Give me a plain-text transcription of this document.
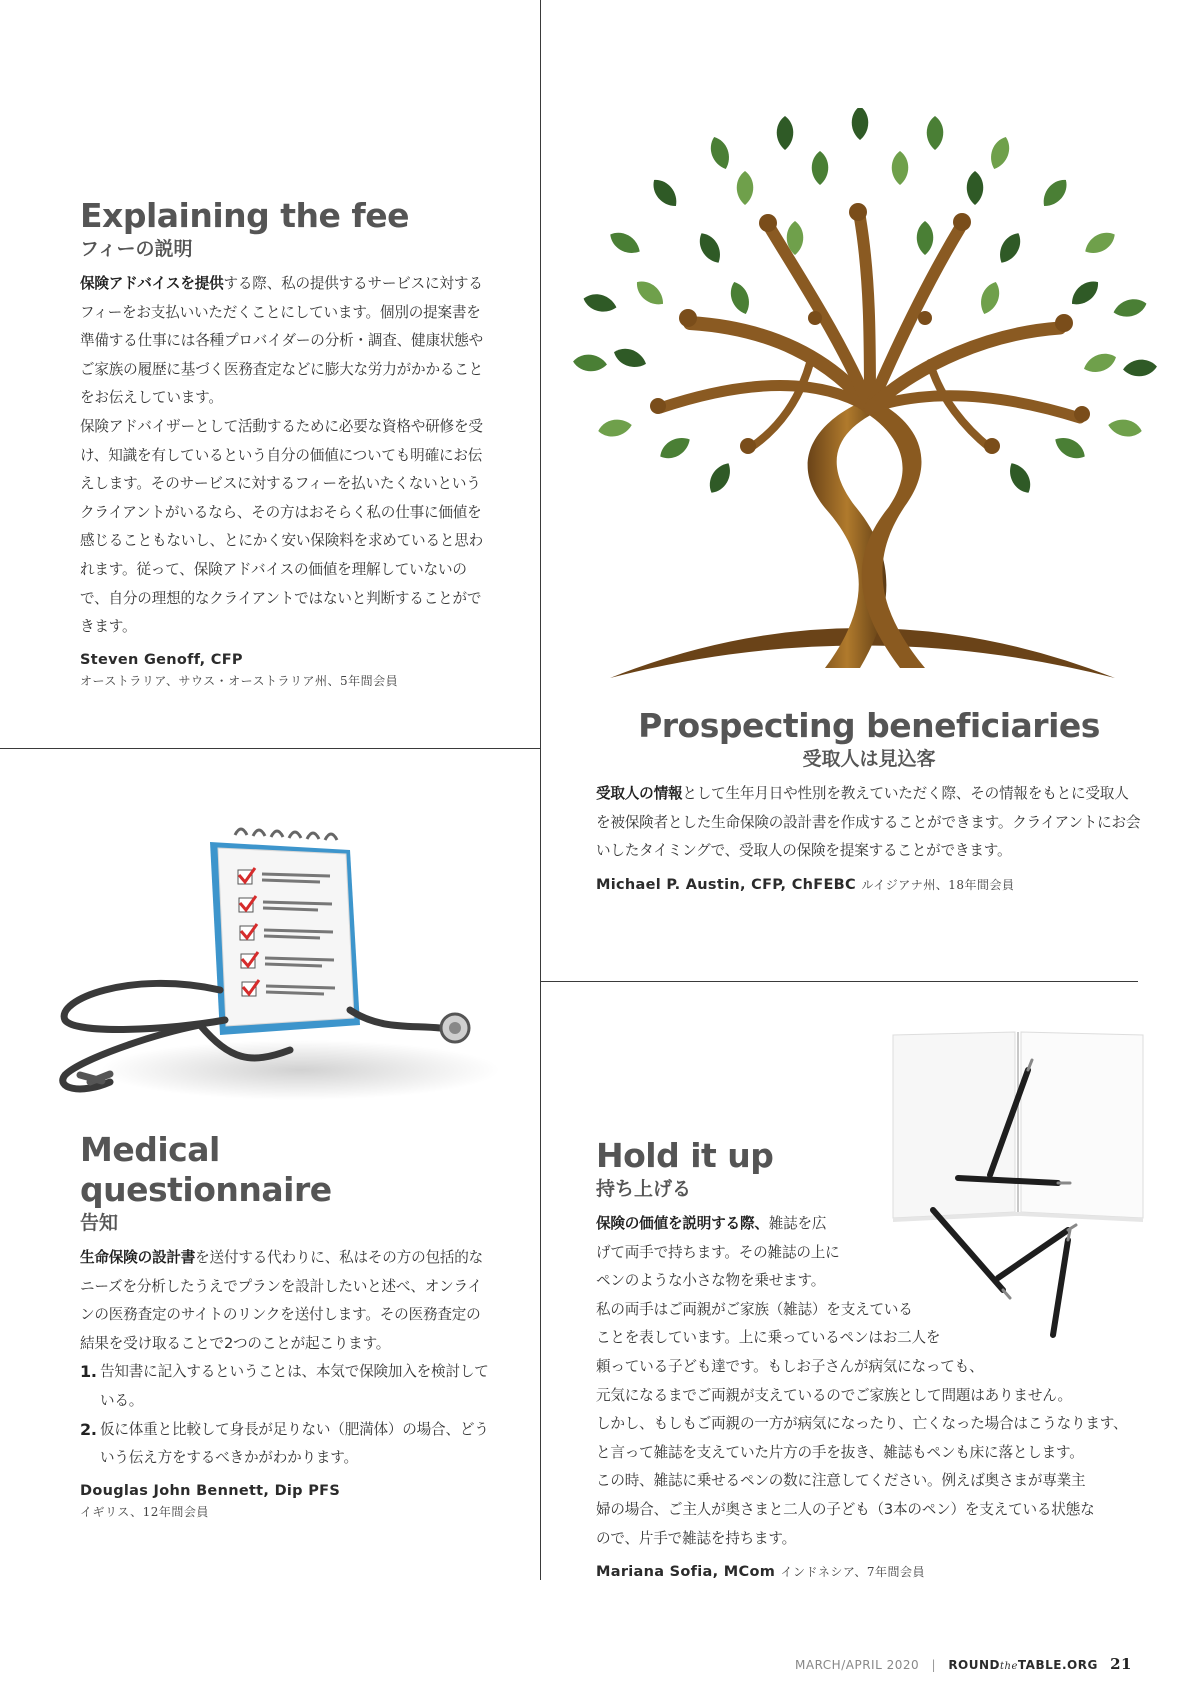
Explaining the fee
フィーの説明

保険アドバイスを提供する際、私の提供するサービスに対するフィーをお支払いいただくことにしています。個別の提案書を準備する仕事には各種プロバイダーの分析・調査、健康状態やご家族の履歴に基づく医務査定などに膨大な労力がかかることをお伝えしています。

保険アドバイザーとして活動するために必要な資格や研修を受け、知識を有しているという自分の価値についても明確にお伝えします。そのサービスに対するフィーを払いたくないというクライアントがいるなら、その方はおそらく私の仕事に価値を感じることもないし、とにかく安い保険料を求めていると思われます。従って、保険アドバイスの価値を理解していないので、自分の理想的なクライアントではないと判断することができます。

Steven Genoff, CFP
オーストラリア、サウス・オーストラリア州、5年間会員
Prospecting beneficiaries
受取人は見込客

受取人の情報として生年月日や性別を教えていただく際、その情報をもとに受取人を被保険者とした生命保険の設計書を作成することができます。クライアントにお会いしたタイミングで、受取人の保険を提案することができます。

Michael P. Austin, CFP, ChFEBC ルイジアナ州、18年間会員
Medical
questionnaire
告知

生命保険の設計書を送付する代わりに、私はその方の包括的なニーズを分析したうえでプランを設計したいと述べ、オンラインの医務査定のサイトのリンクを送付します。その医務査定の結果を受け取ることで2つのことが起こります。

1. 告知書に記入するということは、本気で保険加入を検討している。
2. 仮に体重と比較して身長が足りない（肥満体）の場合、どういう伝え方をするべきかがわかります。
Douglas John Bennett, Dip PFS
イギリス、12年間会員
Hold it up
持ち上げる
保険の価値を説明する際、雑誌を広
げて両手で持ちます。その雑誌の上に
ペンのような小さな物を乗せます。
私の両手はご両親がご家族（雑誌）を支えている
ことを表しています。上に乗っているペンはお二人を
頼っている子ども達です。もしお子さんが病気になっても、
元気になるまでご両親が支えているのでご家族として問題はありません。
しかし、もしもご両親の一方が病気になったり、亡くなった場合はこうなります、
と言って雑誌を支えていた片方の手を抜き、雑誌もペンも床に落とします。
この時、雑誌に乗せるペンの数に注意してください。例えば奥さまが専業主
婦の場合、ご主人が奥さまと二人の子ども（3本のペン）を支えている状態な
ので、片手で雑誌を持ちます。
Mariana Sofia, MCom インドネシア、7年間会員
MARCH/APRIL 2020 | ROUNDtheTABLE.ORG 21
